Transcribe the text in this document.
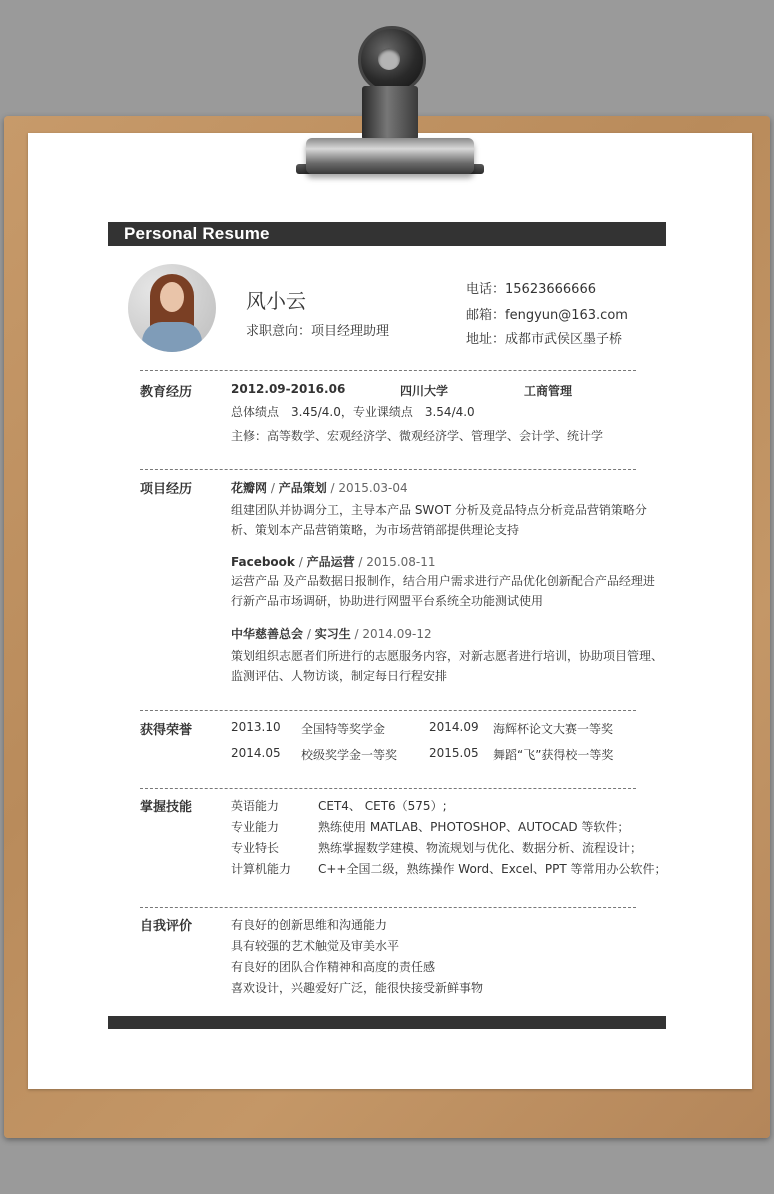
Personal Resume
风小云
求职意向：项目经理助理
电话：15623666666
邮箱：fengyun@163.com
地址：成都市武侯区墨子桥
教育经历	2012.09-2016.06	四川大学	工商管理
总体绩点　3.45/4.0，专业课绩点　3.54/4.0
主修：高等数学、宏观经济学、微观经济学、管理学、会计学、统计学
项目经历	花瓣网 / 产品策划 / 2015.03-04
组建团队并协调分工，主导本产品 SWOT 分析及竞品特点分析竞品营销策略分
析、策划本产品营销策略，为市场营销部提供理论支持
Facebook / 产品运营 / 2015.08-11
运营产品 及产品数据日报制作，结合用户需求进行产品优化创新配合产品经理进
行新产品市场调研，协助进行网盟平台系统全功能测试使用
中华慈善总会 / 实习生 / 2014.09-12
策划组织志愿者们所进行的志愿服务内容，对新志愿者进行培训，协助项目管理、
监测评估、人物访谈，制定每日行程安排
获得荣誉	2013.10 全国特等奖学金	2014.09 海辉杯论文大赛一等奖
2014.05 校级奖学金一等奖	2015.05 舞蹈“飞”获得校一等奖
掌握技能	英语能力	CET4、 CET6（575）;
专业能力	熟练使用 MATLAB、PHOTOSHOP、AUTOCAD 等软件；
专业特长	熟练掌握数学建模、物流规划与优化、数据分析、流程设计；
计算机能力 C++全国二级，熟练操作 Word、Excel、PPT 等常用办公软件；
自我评价	有良好的创新思维和沟通能力
具有较强的艺术触觉及审美水平
有良好的团队合作精神和高度的责任感
喜欢设计，兴趣爱好广泛，能很快接受新鲜事物
